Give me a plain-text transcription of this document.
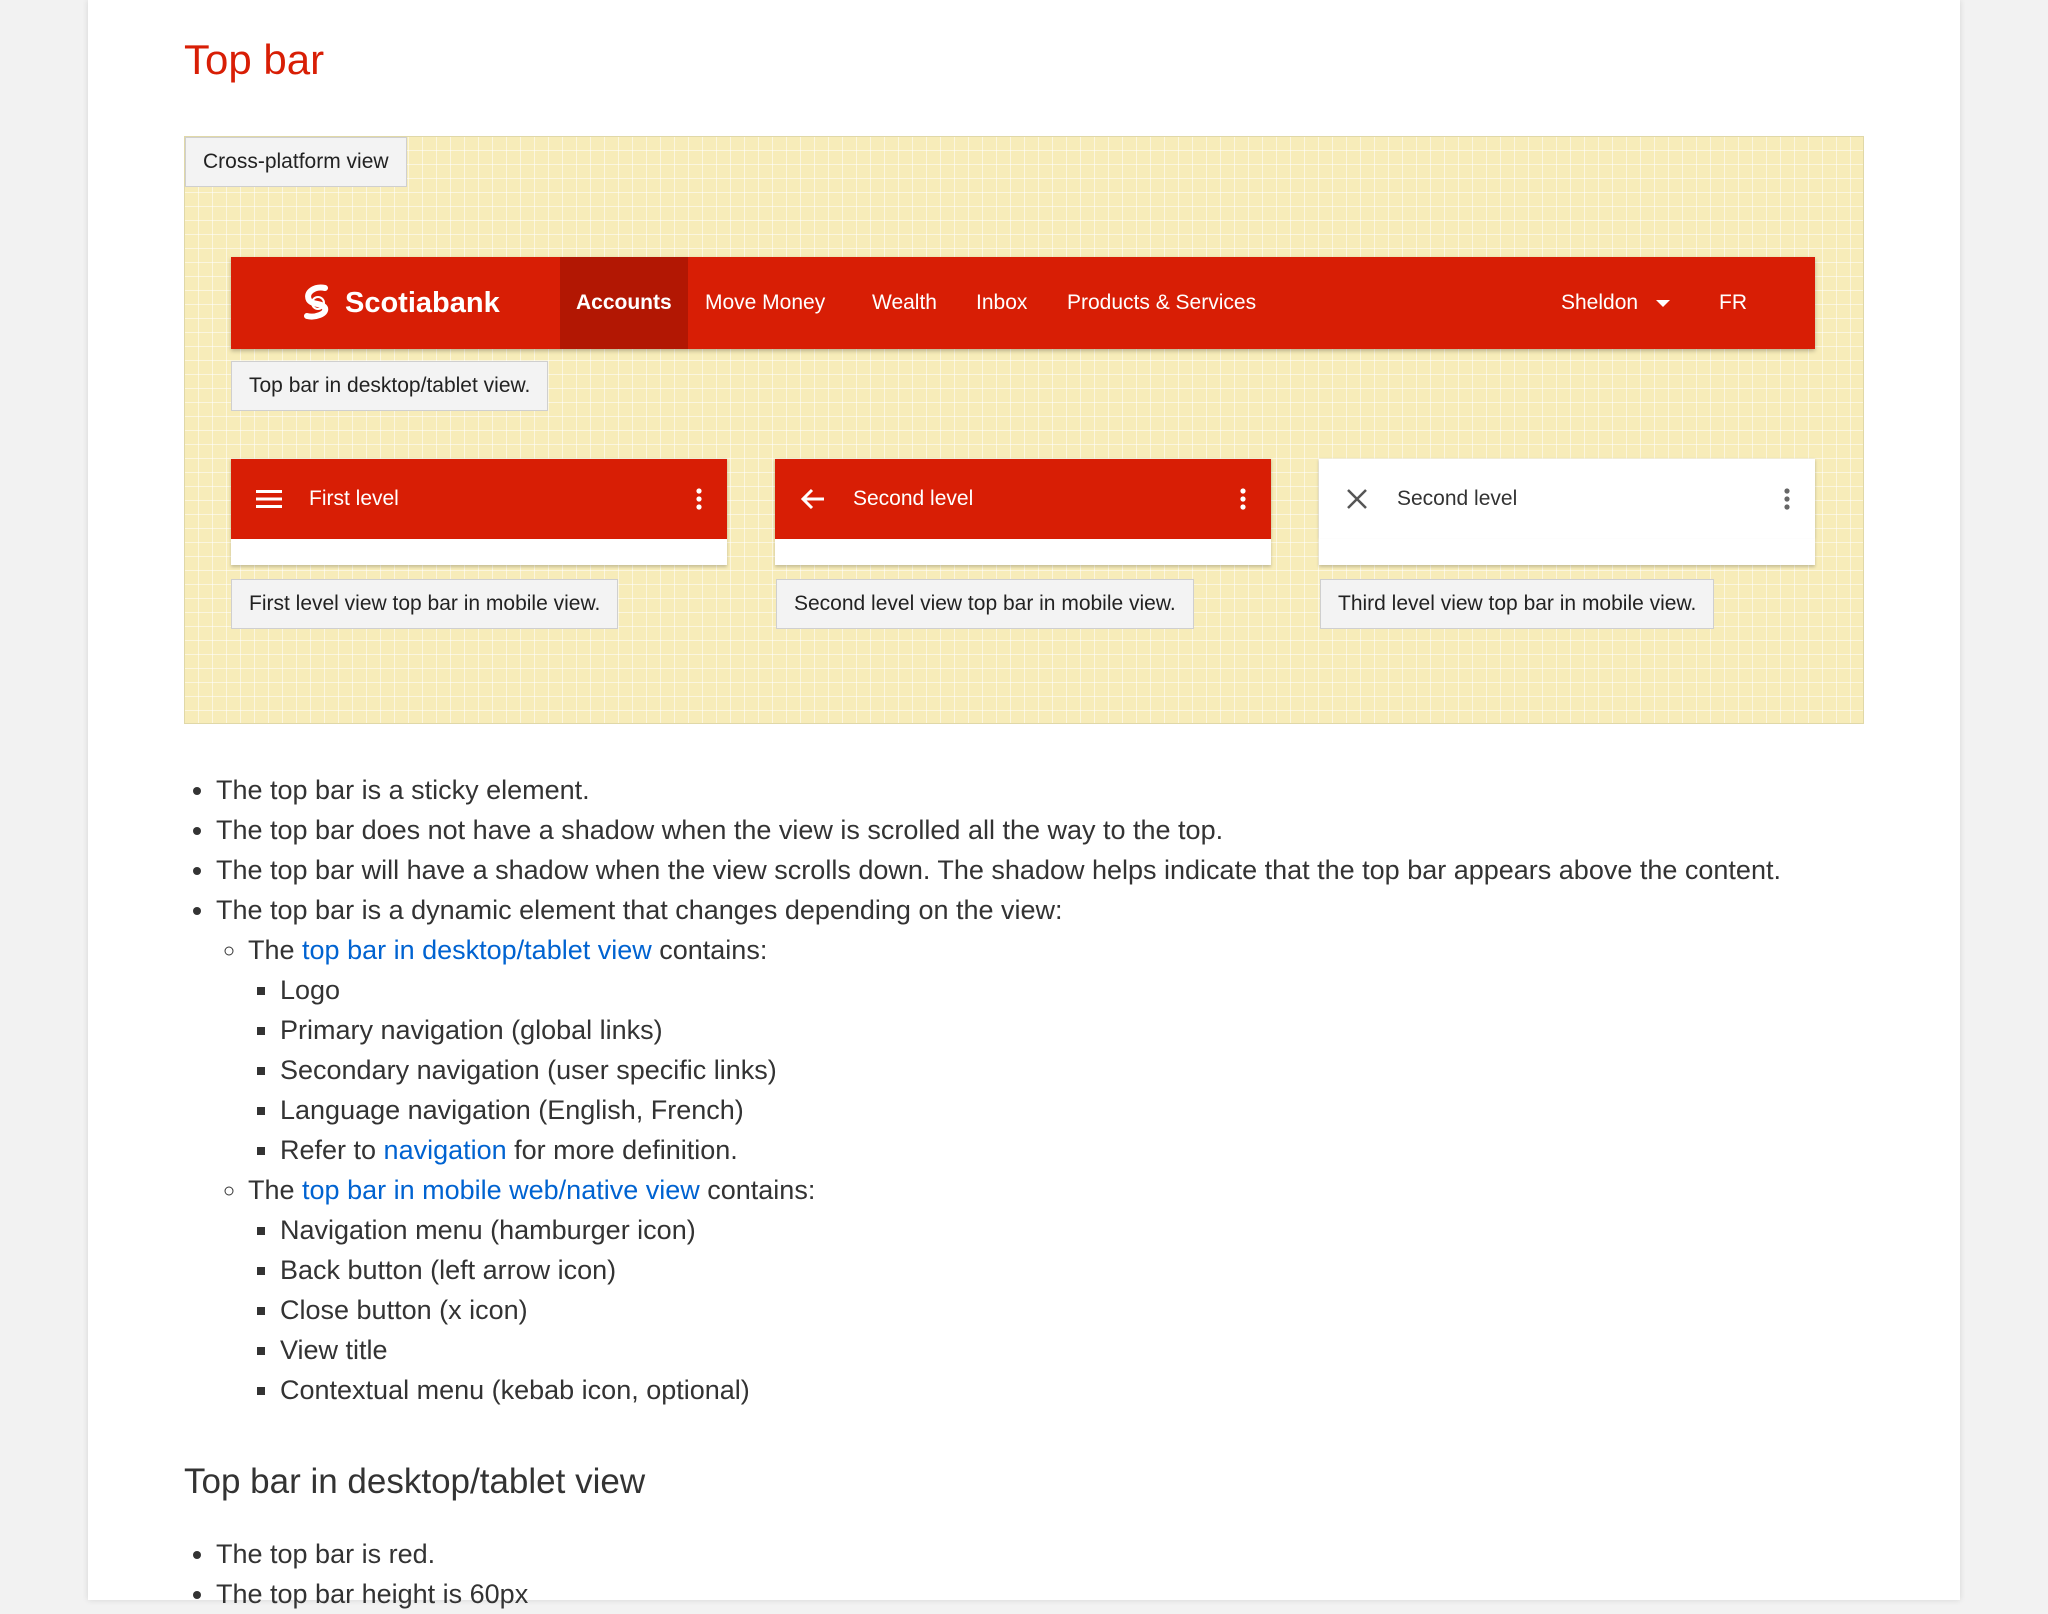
Top bar
Cross-platform view
Scotiabank	Accounts	Move Money Wealth Inbox Products & Services	Sheldon	FR
Top bar in desktop/tablet view.
First level
First level view top bar in mobile view.
Second level
Second level view top bar in mobile view.
Second level
Third level view top bar in mobile view.
• The top bar is a sticky element.
• The top bar does not have a shadow when the view is scrolled all the way to the top.
• The top bar will have a shadow when the view scrolls down. The shadow helps indicate that the top bar appears above the content.
• The top bar is a dynamic element that changes depending on the view:
◦ The top bar in desktop/tablet view contains:
▪ Logo
▪ Primary navigation (global links)
▪ Secondary navigation (user specific links)
▪ Language navigation (English, French)
▪ Refer to navigation for more definition.
◦ The top bar in mobile web/native view contains:
▪ Navigation menu (hamburger icon)
▪ Back button (left arrow icon)
▪ Close button (x icon)
▪ View title
▪ Contextual menu (kebab icon, optional)
Top bar in desktop/tablet view
• The top bar is red.
• The top bar height is 60px
